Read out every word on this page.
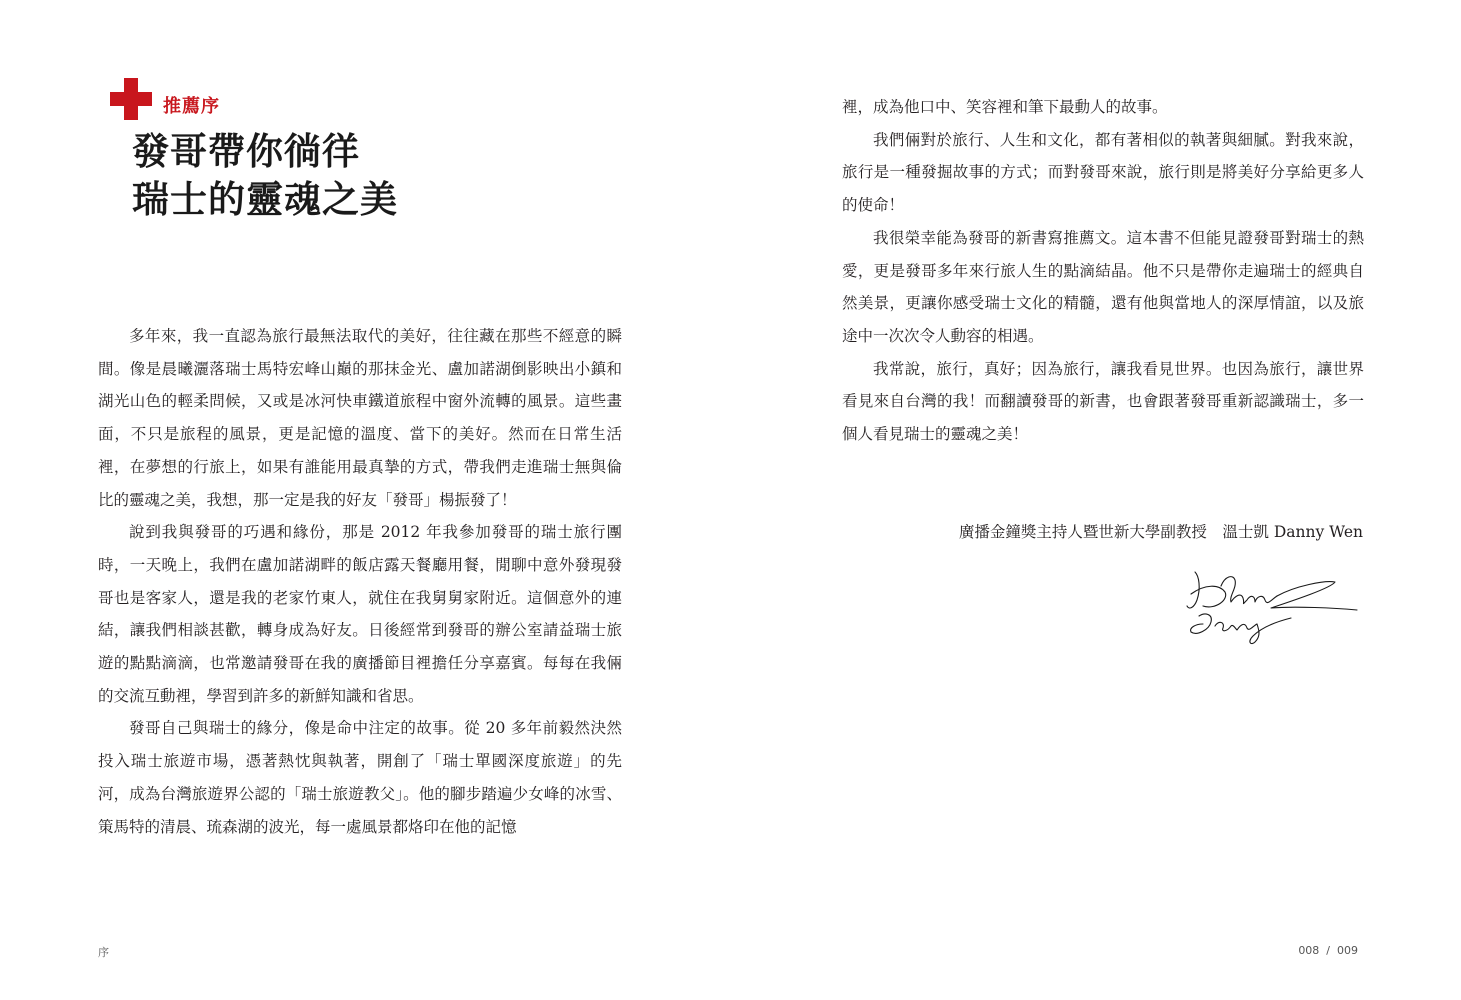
推薦序
發哥帶你徜徉
瑞士的靈魂之美

多年來，我一直認為旅行最無法取代的美好，往往藏在那些不經意的瞬間。像是晨曦灑落瑞士馬特宏峰山巔的那抹金光、盧加諾湖倒影映出小鎮和湖光山色的輕柔問候，又或是冰河快車鐵道旅程中窗外流轉的風景。這些畫面，不只是旅程的風景，更是記憶的溫度、當下的美好。然而在日常生活裡，在夢想的行旅上，如果有誰能用最真摯的方式，帶我們走進瑞士無與倫比的靈魂之美，我想，那一定是我的好友「發哥」楊振發了！

說到我與發哥的巧遇和緣份，那是 2012 年我參加發哥的瑞士旅行團時，一天晚上，我們在盧加諾湖畔的飯店露天餐廳用餐，閒聊中意外發現發哥也是客家人，還是我的老家竹東人，就住在我舅舅家附近。這個意外的連結，讓我們相談甚歡，轉身成為好友。日後經常到發哥的辦公室請益瑞士旅遊的點點滴滴，也常邀請發哥在我的廣播節目裡擔任分享嘉賓。每每在我倆的交流互動裡，學習到許多的新鮮知識和省思。

發哥自己與瑞士的緣分，像是命中注定的故事。從 20 多年前毅然決然投入瑞士旅遊市場，憑著熱忱與執著，開創了「瑞士單國深度旅遊」的先河，成為台灣旅遊界公認的「瑞士旅遊教父」。他的腳步踏遍少女峰的冰雪、策馬特的清晨、琉森湖的波光，每一處風景都烙印在他的記憶

序

裡，成為他口中、笑容裡和筆下最動人的故事。

我們倆對於旅行、人生和文化，都有著相似的執著與細膩。對我來說，旅行是一種發掘故事的方式；而對發哥來說，旅行則是將美好分享給更多人的使命！

我很榮幸能為發哥的新書寫推薦文。這本書不但能見證發哥對瑞士的熱愛，更是發哥多年來行旅人生的點滴結晶。他不只是帶你走遍瑞士的經典自然美景，更讓你感受瑞士文化的精髓，還有他與當地人的深厚情誼，以及旅途中一次次令人動容的相遇。

我常說，旅行，真好；因為旅行，讓我看見世界。也因為旅行，讓世界看見來自台灣的我！而翻讀發哥的新書，也會跟著發哥重新認識瑞士，多一個人看見瑞士的靈魂之美！

廣播金鐘獎主持人暨世新大學副教授　溫士凱 Danny Wen
008  /  009
